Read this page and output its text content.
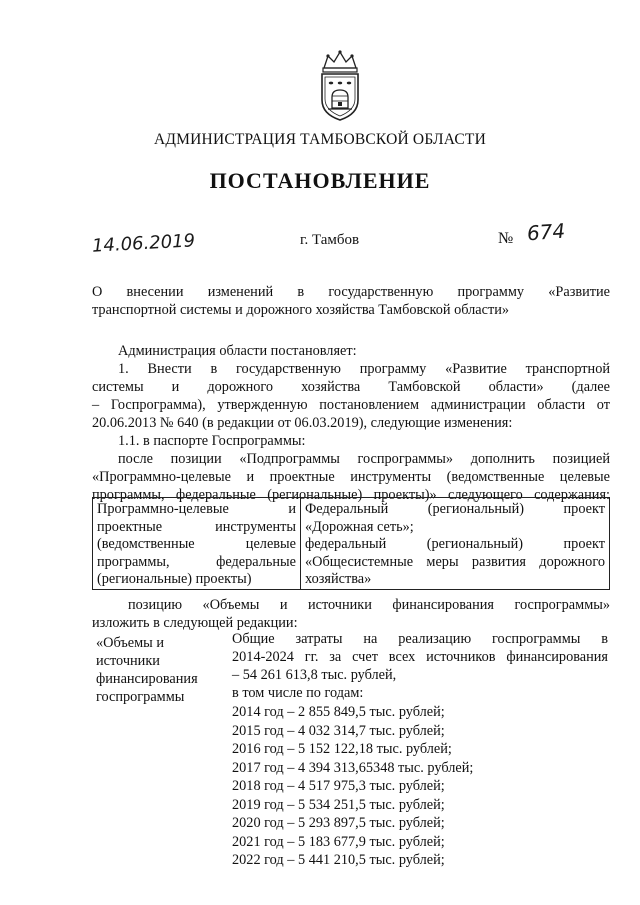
АДМИНИСТРАЦИЯ ТАМБОВСКОЙ ОБЛАСТИ
ПОСТАНОВЛЕНИЕ
14.06.2019	г. Тамбов	№ 674
О внесении изменений в государственную программу «Развитие
транспортной системы и дорожного хозяйства Тамбовской области»
Администрация области постановляет:
1. Внести в государственную программу «Развитие транспортной
системы и дорожного хозяйства Тамбовской области» (далее
– Госпрограмма), утвержденную постановлением администрации области от
20.06.2013 № 640 (в редакции от 06.03.2019), следующие изменения:
1.1. в паспорте Госпрограммы:
после позиции «Подпрограммы госпрограммы» дополнить позицией
«Программно-целевые и проектные инструменты (ведомственные целевые
программы, федеральные (региональные) проекты)» следующего содержания:
Программно-целевые и
проектные инструменты
(ведомственные целевые
программы, федеральные
(региональные) проекты)
Федеральный (региональный) проект
«Дорожная сеть»;
федеральный (региональный) проект
«Общесистемные меры развития дорожного
хозяйства»
позицию «Объемы и источники финансирования госпрограммы»
изложить в следующей редакции:
«Объемы и
источники
финансирования
госпрограммы
Общие затраты на реализацию госпрограммы в
2014-2024 гг. за счет всех источников финансирования
– 54 261 613,8 тыс. рублей,
в том числе по годам:
2014 год – 2 855 849,5 тыс. рублей;
2015 год – 4 032 314,7 тыс. рублей;
2016 год – 5 152 122,18 тыс. рублей;
2017 год – 4 394 313,65348 тыс. рублей;
2018 год – 4 517 975,3 тыс. рублей;
2019 год – 5 534 251,5 тыс. рублей;
2020 год – 5 293 897,5 тыс. рублей;
2021 год – 5 183 677,9 тыс. рублей;
2022 год – 5 441 210,5 тыс. рублей;
